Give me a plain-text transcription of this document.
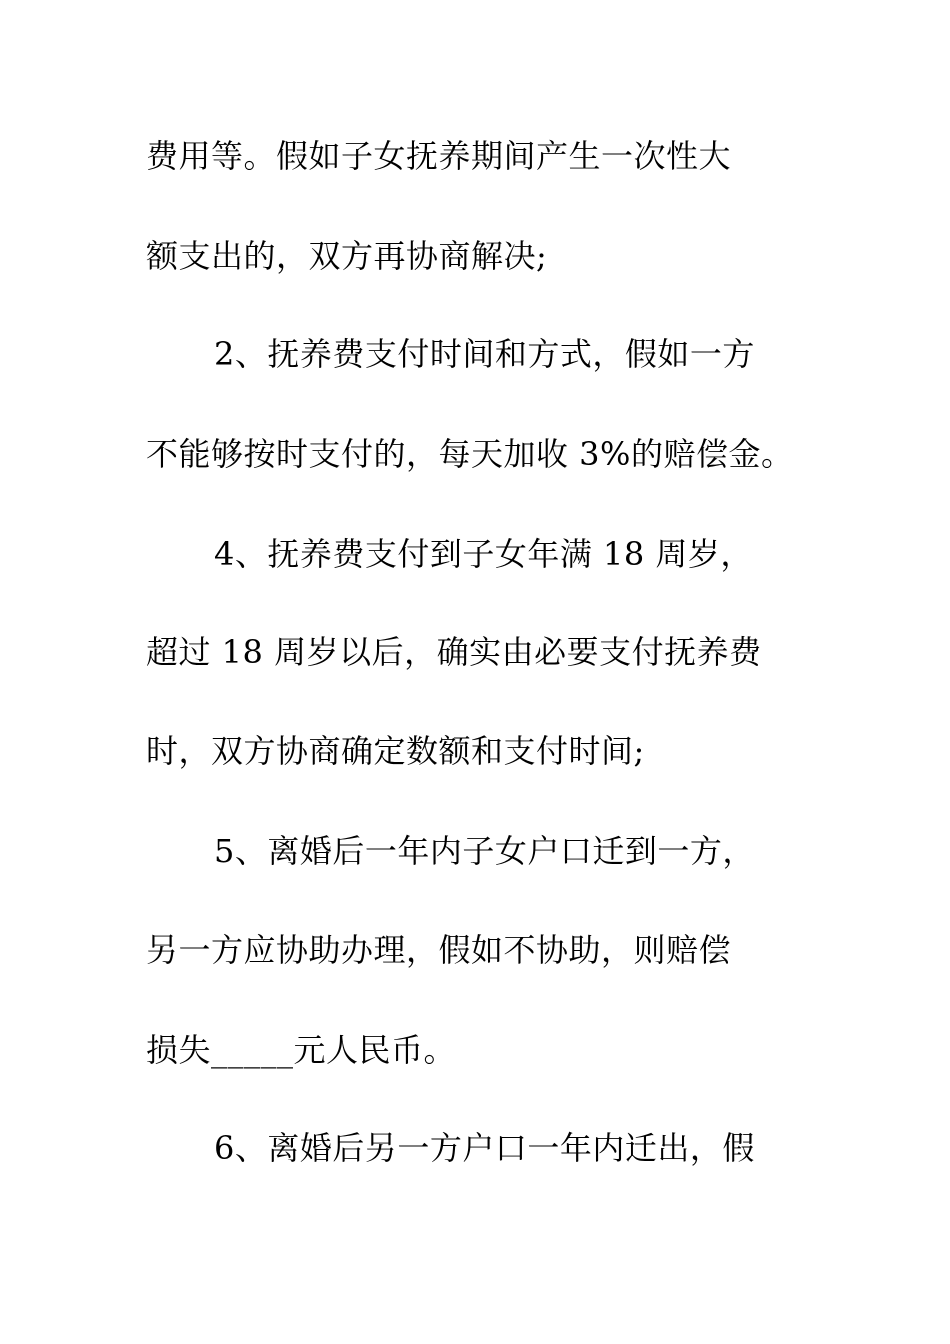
费用等。假如子女抚养期间产生一次性大
额支出的，双方再协商解决;
2、抚养费支付时间和方式，假如一方
不能够按时支付的，每天加收 3%的赔偿金。
4、抚养费支付到子女年满 18 周岁，
超过 18 周岁以后，确实由必要支付抚养费
时，双方协商确定数额和支付时间;
5、离婚后一年内子女户口迁到一方，
另一方应协助办理，假如不协助，则赔偿
损失_____元人民币。
6、离婚后另一方户口一年内迁出，假
